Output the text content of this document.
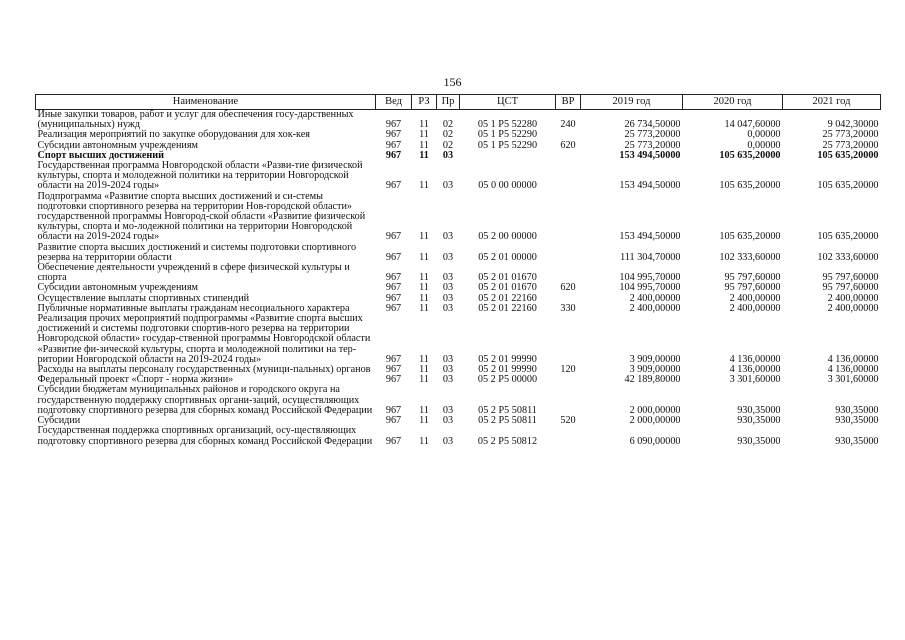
156
Наименование	Вед	РЗ	Пр	ЦСТ	ВР	2019 год	2020 год	2021 год
Иные закупки товаров, работ и услуг для обеспечения госу-дарственных (муниципальных) нужд	967	11	02	05 1 P5 52280	240	26 734,50000	14 047,60000	9 042,30000
Реализация мероприятий по закупке оборудования для хок-кея	967	11	02	05 1 P5 52290		25 773,20000	0,00000	25 773,20000
Субсидии автономным учреждениям	967	11	02	05 1 P5 52290	620	25 773,20000	0,00000	25 773,20000
Спорт высших достижений	967	11	03			153 494,50000	105 635,20000	105 635,20000
Государственная программа Новгородской области «Разви-тие физической культуры, спорта и молодежной политики на территории Новгородской области на 2019-2024 годы»	967	11	03	05 0 00 00000		153 494,50000	105 635,20000	105 635,20000
Подпрограмма «Развитие спорта высших достижений и си-стемы подготовки спортивного резерва на территории Нов-городской области» государственной программы Новгород-ской области «Развитие физической культуры, спорта и мо-лодежной политики на территории Новгородской области на 2019-2024 годы»	967	11	03	05 2 00 00000		153 494,50000	105 635,20000	105 635,20000
Развитие спорта высших достижений и системы подготовки спортивного резерва на территории области	967	11	03	05 2 01 00000		111 304,70000	102 333,60000	102 333,60000
Обеспечение деятельности учреждений в сфере физической культуры и спорта	967	11	03	05 2 01 01670		104 995,70000	95 797,60000	95 797,60000
Субсидии автономным учреждениям	967	11	03	05 2 01 01670	620	104 995,70000	95 797,60000	95 797,60000
Осуществление выплаты спортивных стипендий	967	11	03	05 2 01 22160		2 400,00000	2 400,00000	2 400,00000
Публичные нормативные выплаты гражданам несоциального характера	967	11	03	05 2 01 22160	330	2 400,00000	2 400,00000	2 400,00000
Реализация прочих мероприятий подпрограммы «Развитие спорта высших достижений и системы подготовки спортив-ного резерва на территории Новгородской области» государ-ственной программы Новгородской области «Развитие фи-зической культуры, спорта и молодежной политики на тер-ритории Новгородской области на 2019-2024 годы»	967	11	03	05 2 01 99990		3 909,00000	4 136,00000	4 136,00000
Расходы на выплаты персоналу государственных (муници-пальных) органов	967	11	03	05 2 01 99990	120	3 909,00000	4 136,00000	4 136,00000
Федеральный проект «Спорт - норма жизни»	967	11	03	05 2 P5 00000		42 189,80000	3 301,60000	3 301,60000
Субсидии бюджетам муниципальных районов и городского округа на государственную поддержку спортивных органи-заций, осуществляющих подготовку спортивного резерва для сборных команд Российской Федерации	967	11	03	05 2 P5 50811		2 000,00000	930,35000	930,35000
Субсидии	967	11	03	05 2 P5 50811	520	2 000,00000	930,35000	930,35000
Государственная поддержка спортивных организаций, осу-ществляющих подготовку спортивного резерва для сборных команд Российской Федерации	967	11	03	05 2 P5 50812		6 090,00000	930,35000	930,35000
